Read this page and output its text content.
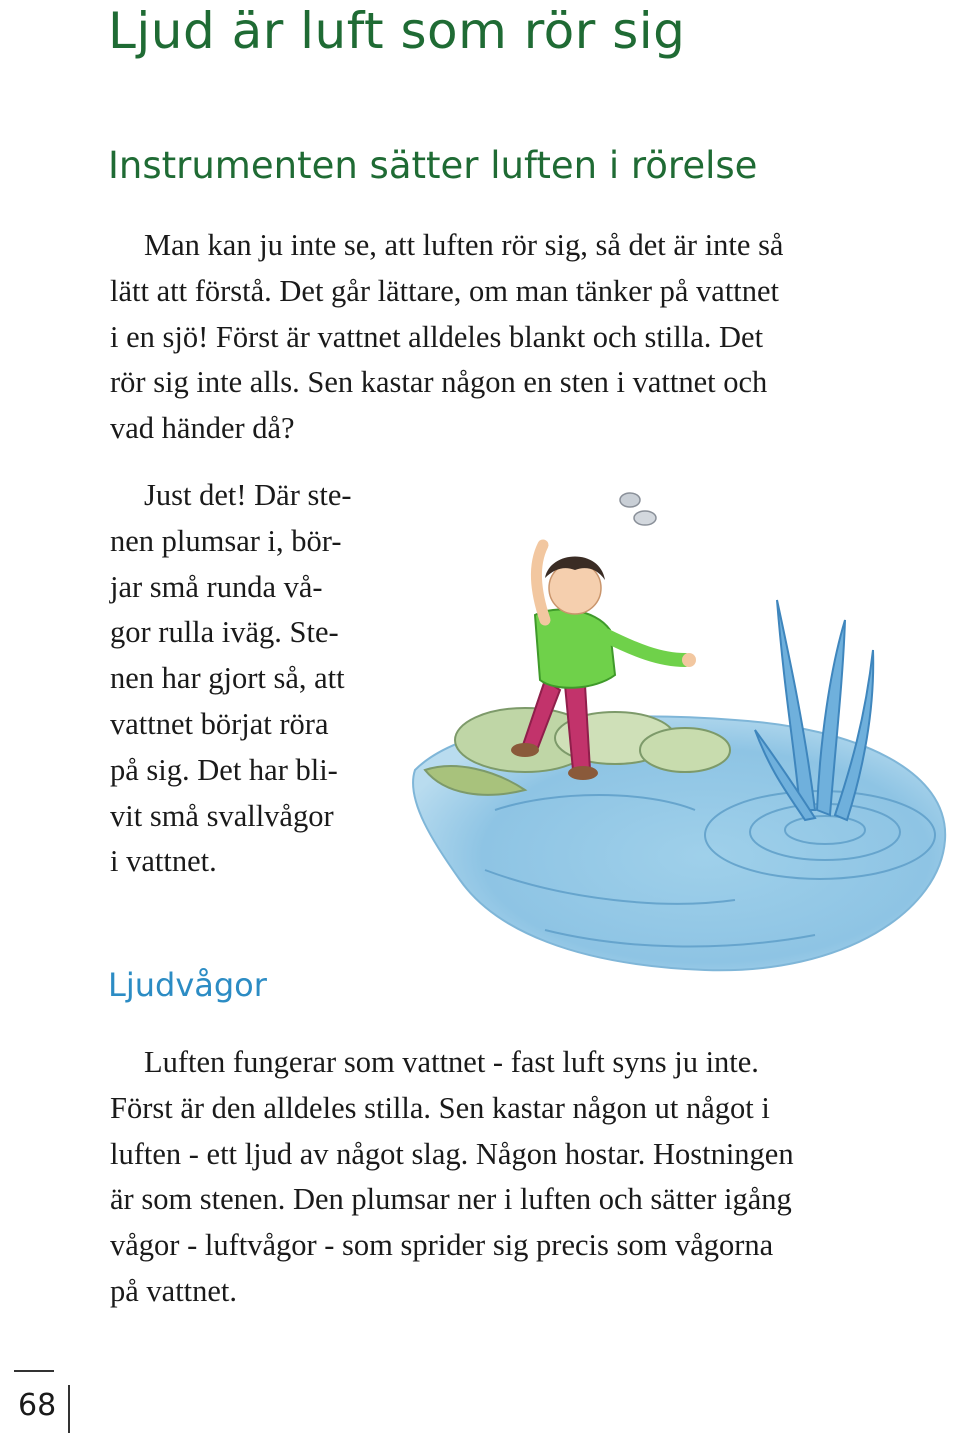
Ljud är luft som rör sig
Instrumenten sätter luften i rörelse

Man kan ju inte se, att luften rör sig, så det är inte så
lätt att förstå. Det går lättare, om man tänker på vattnet
i en sjö! Först är vattnet alldeles blankt och stilla. Det
rör sig inte alls. Sen kastar någon en sten i vattnet och
vad händer då?

Just det! Där ste-
nen plumsar i, bör-
jar små runda vå-
gor rulla iväg. Ste-
nen har gjort så, att
vattnet börjat röra
på sig. Det har bli-
vit små svallvågor
i vattnet.

Ljudvågor

Luften fungerar som vattnet - fast luft syns ju inte.
Först är den alldeles stilla. Sen kastar någon ut något i
luften - ett ljud av något slag. Någon hostar. Hostningen
är som stenen. Den plumsar ner i luften och sätter igång
vågor - luftvågor - som sprider sig precis som vågorna
på vattnet.

68
